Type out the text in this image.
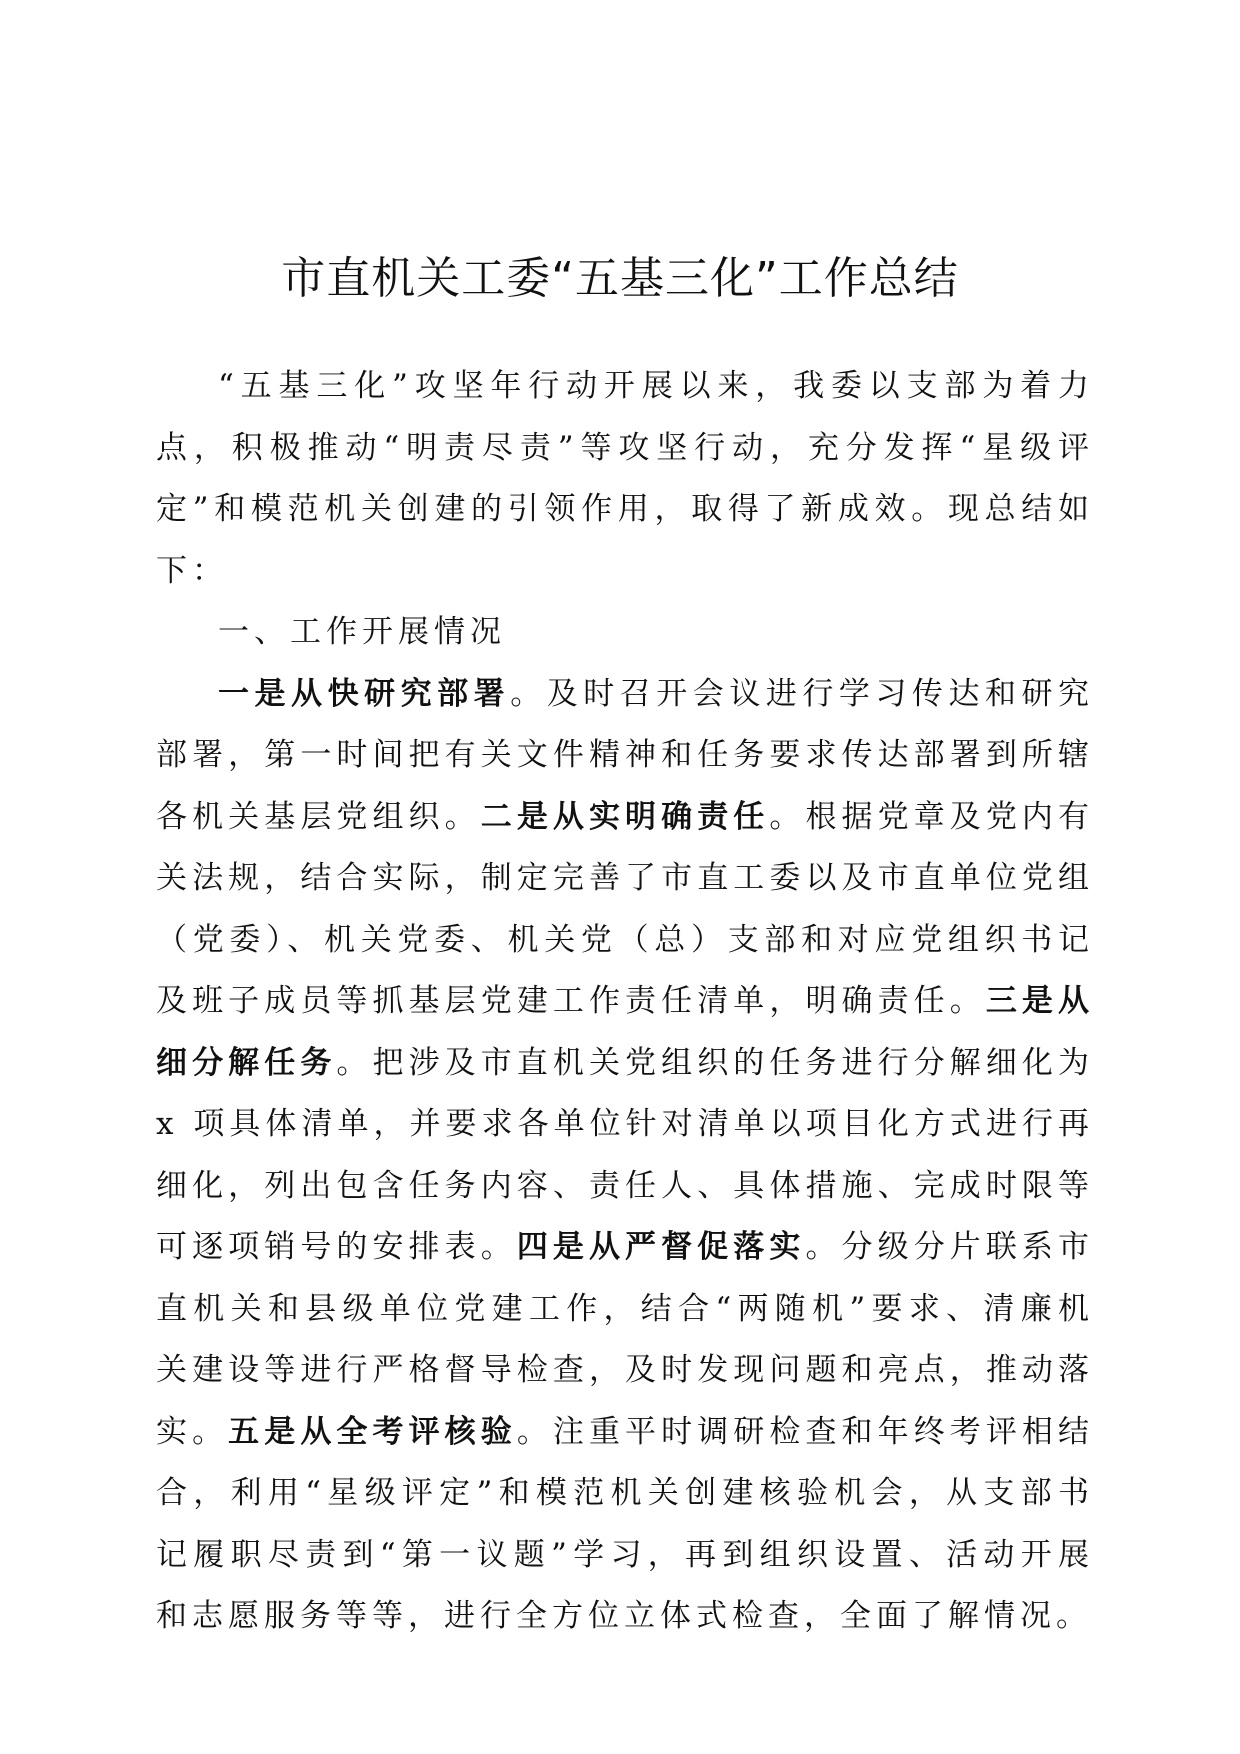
市直机关工委“五基三化”工作总结

“五基三化”攻坚年行动开展以来，我委以支部为着力点，积极推动“明责尽责”等攻坚行动，充分发挥“星级评定”和模范机关创建的引领作用，取得了新成效。现总结如下：

一、工作开展情况

一是从快研究部署。及时召开会议进行学习传达和研究部署，第一时间把有关文件精神和任务要求传达部署到所辖各机关基层党组织。二是从实明确责任。根据党章及党内有关法规，结合实际，制定完善了市直工委以及市直单位党组（党委）、机关党委、机关党（总）支部和对应党组织书记及班子成员等抓基层党建工作责任清单，明确责任。三是从细分解任务。把涉及市直机关党组织的任务进行分解细化为 x 项具体清单，并要求各单位针对清单以项目化方式进行再细化，列出包含任务内容、责任人、具体措施、完成时限等可逐项销号的安排表。四是从严督促落实。分级分片联系市直机关和县级单位党建工作，结合“两随机”要求、清廉机关建设等进行严格督导检查，及时发现问题和亮点，推动落实。五是从全考评核验。注重平时调研检查和年终考评相结合，利用“星级评定”和模范机关创建核验机会，从支部书记履职尽责到“第一议题”学习，再到组织设置、活动开展和志愿服务等等，进行全方位立体式检查，全面了解情况。
